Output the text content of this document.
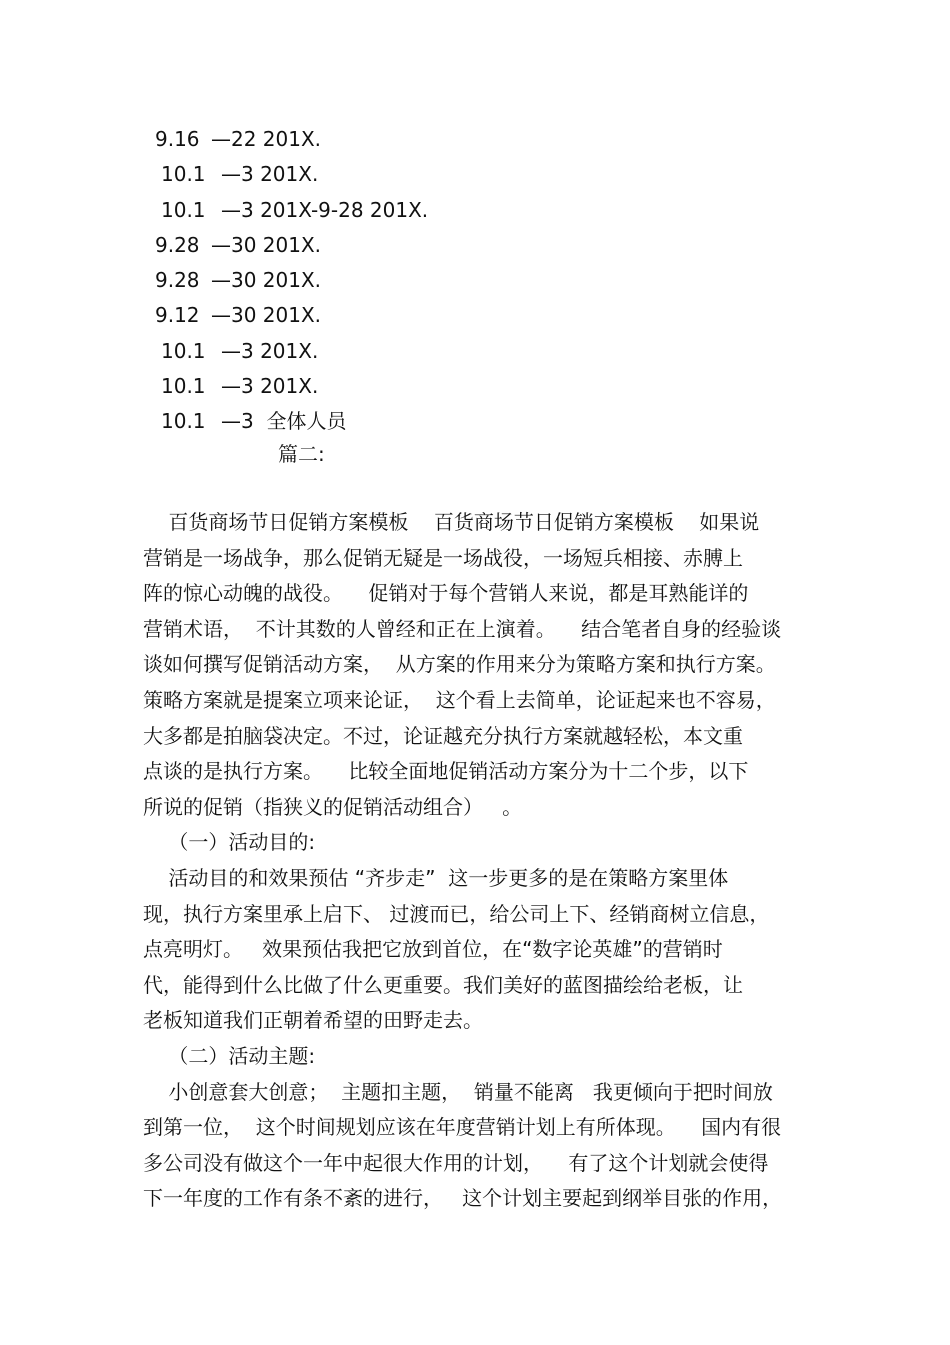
9.16 —22 201X.
10.1 —3 201X.
10.1 —3 201X-9-28 201X.
9.28 —30 201X.
9.28 —30 201X.
9.12 —30 201X.
10.1 —3 201X.
10.1 —3 201X.
10.1 —3  全体人员
篇二:
百货商场节日促销方案模板    百货商场节日促销方案模板    如果说
营销是一场战争，那么促销无疑是一场战役，一场短兵相接、赤膊上
阵的惊心动魄的战役。    促销对于每个营销人来说，都是耳熟能详的
营销术语，  不计其数的人曾经和正在上演着。    结合笔者自身的经验谈
谈如何撰写促销活动方案，  从方案的作用来分为策略方案和执行方案。
策略方案就是提案立项来论证，  这个看上去简单，论证起来也不容易，
大多都是拍脑袋决定。不过，论证越充分执行方案就越轻松，本文重
点谈的是执行方案。    比较全面地促销活动方案分为十二个步，以下
所说的促销（指狭义的促销活动组合）   。
（一）活动目的:
活动目的和效果预估 “齐步走”  这一步更多的是在策略方案里体
现，执行方案里承上启下、 过渡而已，给公司上下、经销商树立信息，
点亮明灯。   效果预估我把它放到首位，在“数字论英雄”的营销时
代，能得到什么比做了什么更重要。我们美好的蓝图描绘给老板，让
老板知道我们正朝着希望的田野走去。
（二）活动主题:
小创意套大创意；  主题扣主题，  销量不能离   我更倾向于把时间放
到第一位，  这个时间规划应该在年度营销计划上有所体现。    国内有很
多公司没有做这个一年中起很大作用的计划，    有了这个计划就会使得
下一年度的工作有条不紊的进行，   这个计划主要起到纲举目张的作用，
